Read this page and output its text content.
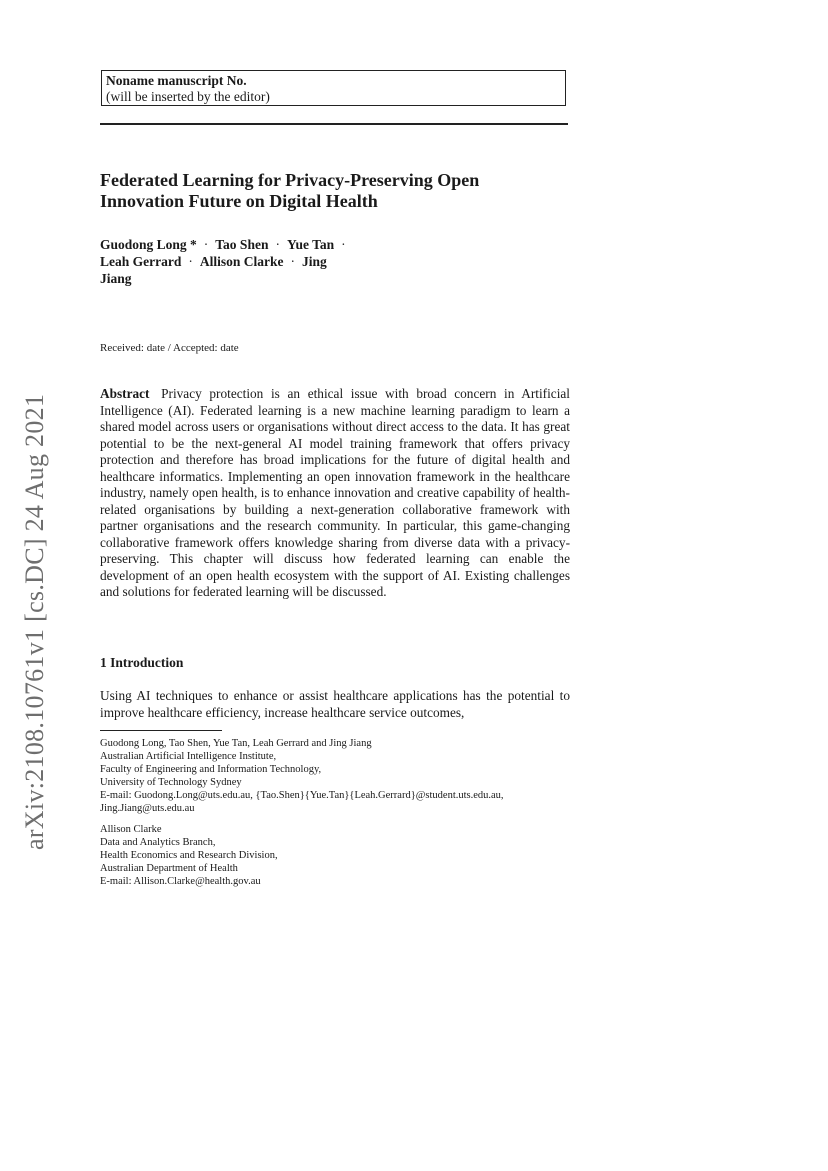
arXiv:2108.10761v1 [cs.DC] 24 Aug 2021
Noname manuscript No.
(will be inserted by the editor)
Federated Learning for Privacy-Preserving Open
Innovation Future on Digital Health
Guodong Long * · Tao Shen · Yue Tan ·
Leah Gerrard · Allison Clarke · Jing
Jiang
Received: date / Accepted: date
Abstract Privacy protection is an ethical issue with broad concern in Artificial Intelligence (AI). Federated learning is a new machine learning paradigm to learn a shared model across users or organisations without direct access to the data. It has great potential to be the next-general AI model training framework that offers privacy protection and therefore has broad implications for the future of digital health and healthcare informatics. Implementing an open innovation framework in the healthcare industry, namely open health, is to enhance innovation and creative capability of health-related organisations by building a next-generation collaborative framework with partner organisations and the research community. In particular, this game-changing collaborative framework offers knowledge sharing from diverse data with a privacy-preserving. This chapter will discuss how federated learning can enable the development of an open health ecosystem with the support of AI. Existing challenges and solutions for federated learning will be discussed.
1 Introduction
Using AI techniques to enhance or assist healthcare applications has the potential to improve healthcare efficiency, increase healthcare service outcomes,
Guodong Long, Tao Shen, Yue Tan, Leah Gerrard and Jing Jiang
Australian Artificial Intelligence Institute,
Faculty of Engineering and Information Technology,
University of Technology Sydney
E-mail: Guodong.Long@uts.edu.au, {Tao.Shen}{Yue.Tan}{Leah.Gerrard}@student.uts.edu.au,
Jing.Jiang@uts.edu.au
Allison Clarke
Data and Analytics Branch,
Health Economics and Research Division,
Australian Department of Health
E-mail: Allison.Clarke@health.gov.au
